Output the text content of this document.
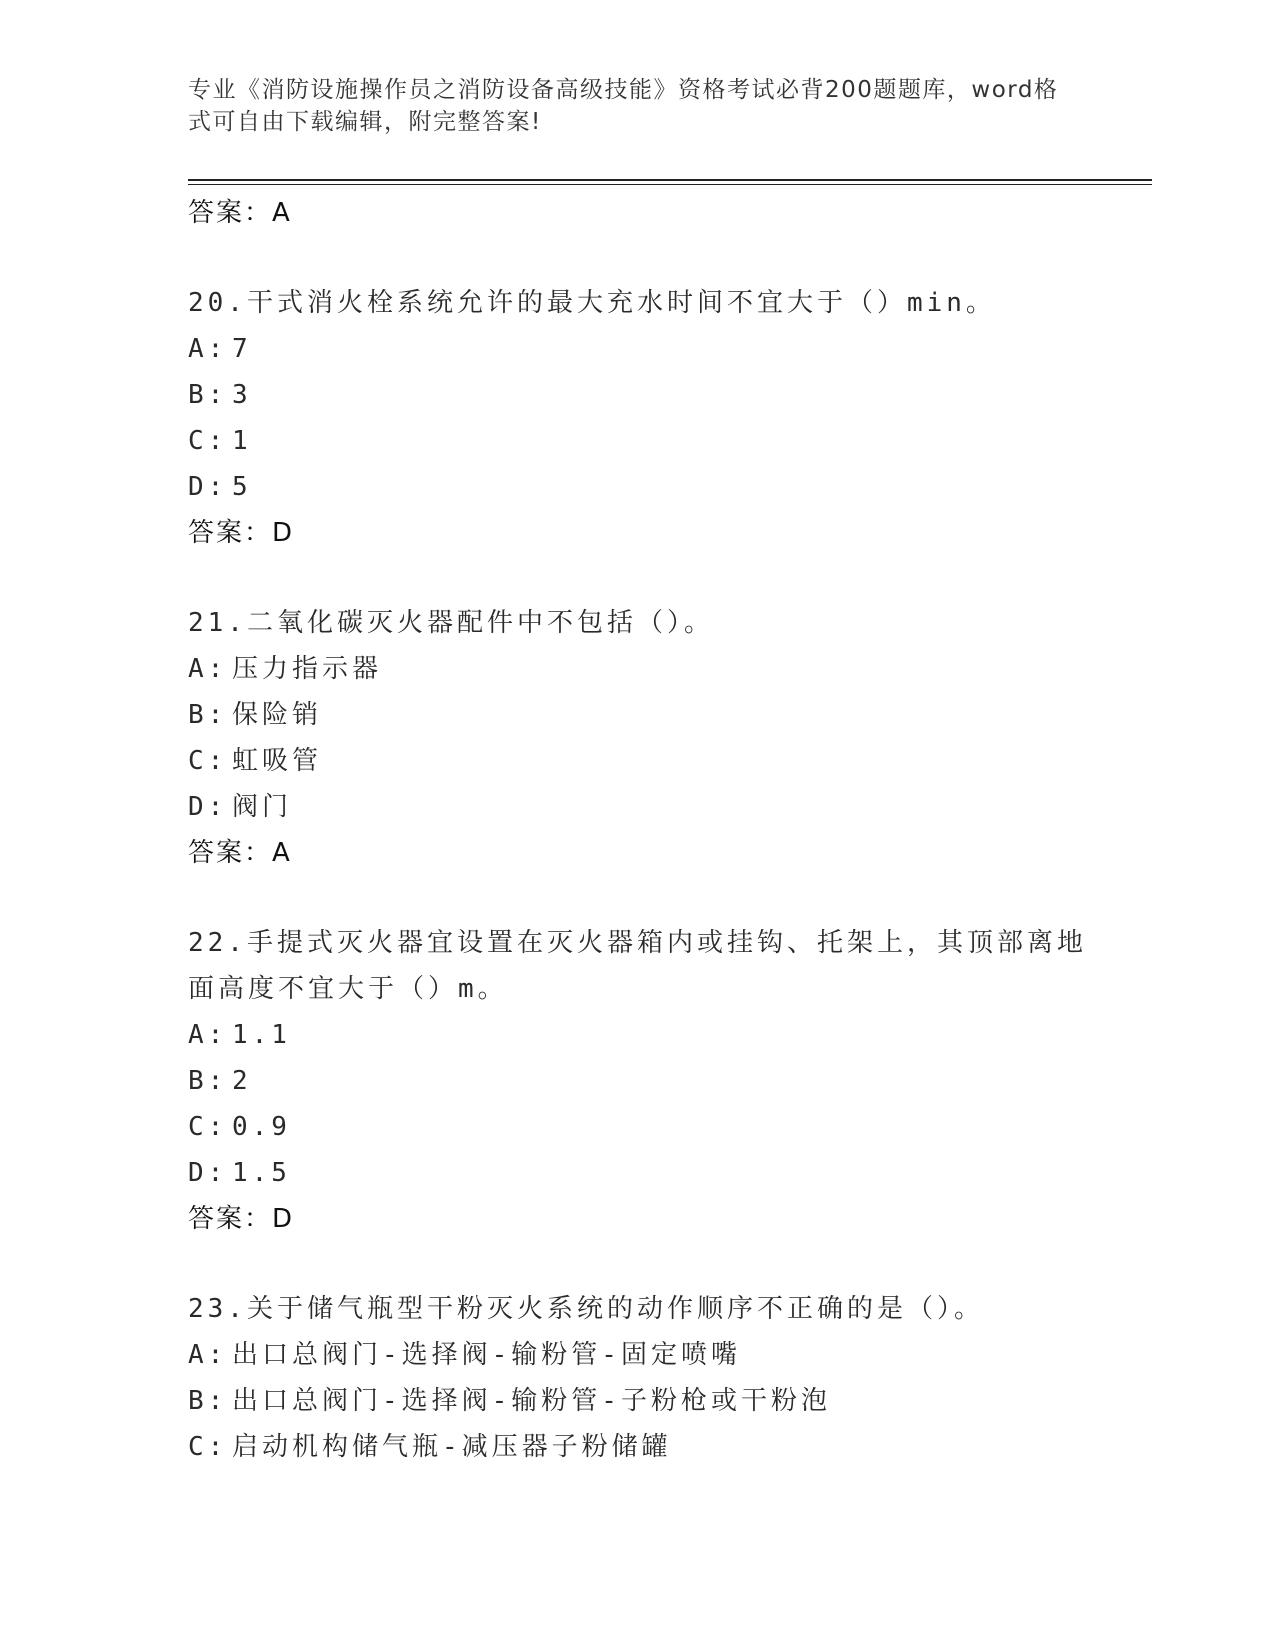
专业《消防设施操作员之消防设备高级技能》资格考试必背200题题库，word格式可自由下载编辑，附完整答案!
答案：A
20.干式消火栓系统允许的最大充水时间不宜大于（）min。
A: 7
B: 3
C: 1
D: 5
答案：D
21.二氧化碳灭火器配件中不包括（）。
A: 压力指示器
B: 保险销
C: 虹吸管
D: 阀门
答案：A
22.手提式灭火器宜设置在灭火器箱内或挂钩、托架上，其顶部离地面高度不宜大于（）m。
A: 1.1
B: 2
C: 0.9
D: 1.5
答案：D
23.关于储气瓶型干粉灭火系统的动作顺序不正确的是（）。
A: 出口总阀门-选择阀-输粉管-固定喷嘴
B: 出口总阀门-选择阀-输粉管-子粉枪或干粉泡
C: 启动机构储气瓶-减压器子粉储罐
